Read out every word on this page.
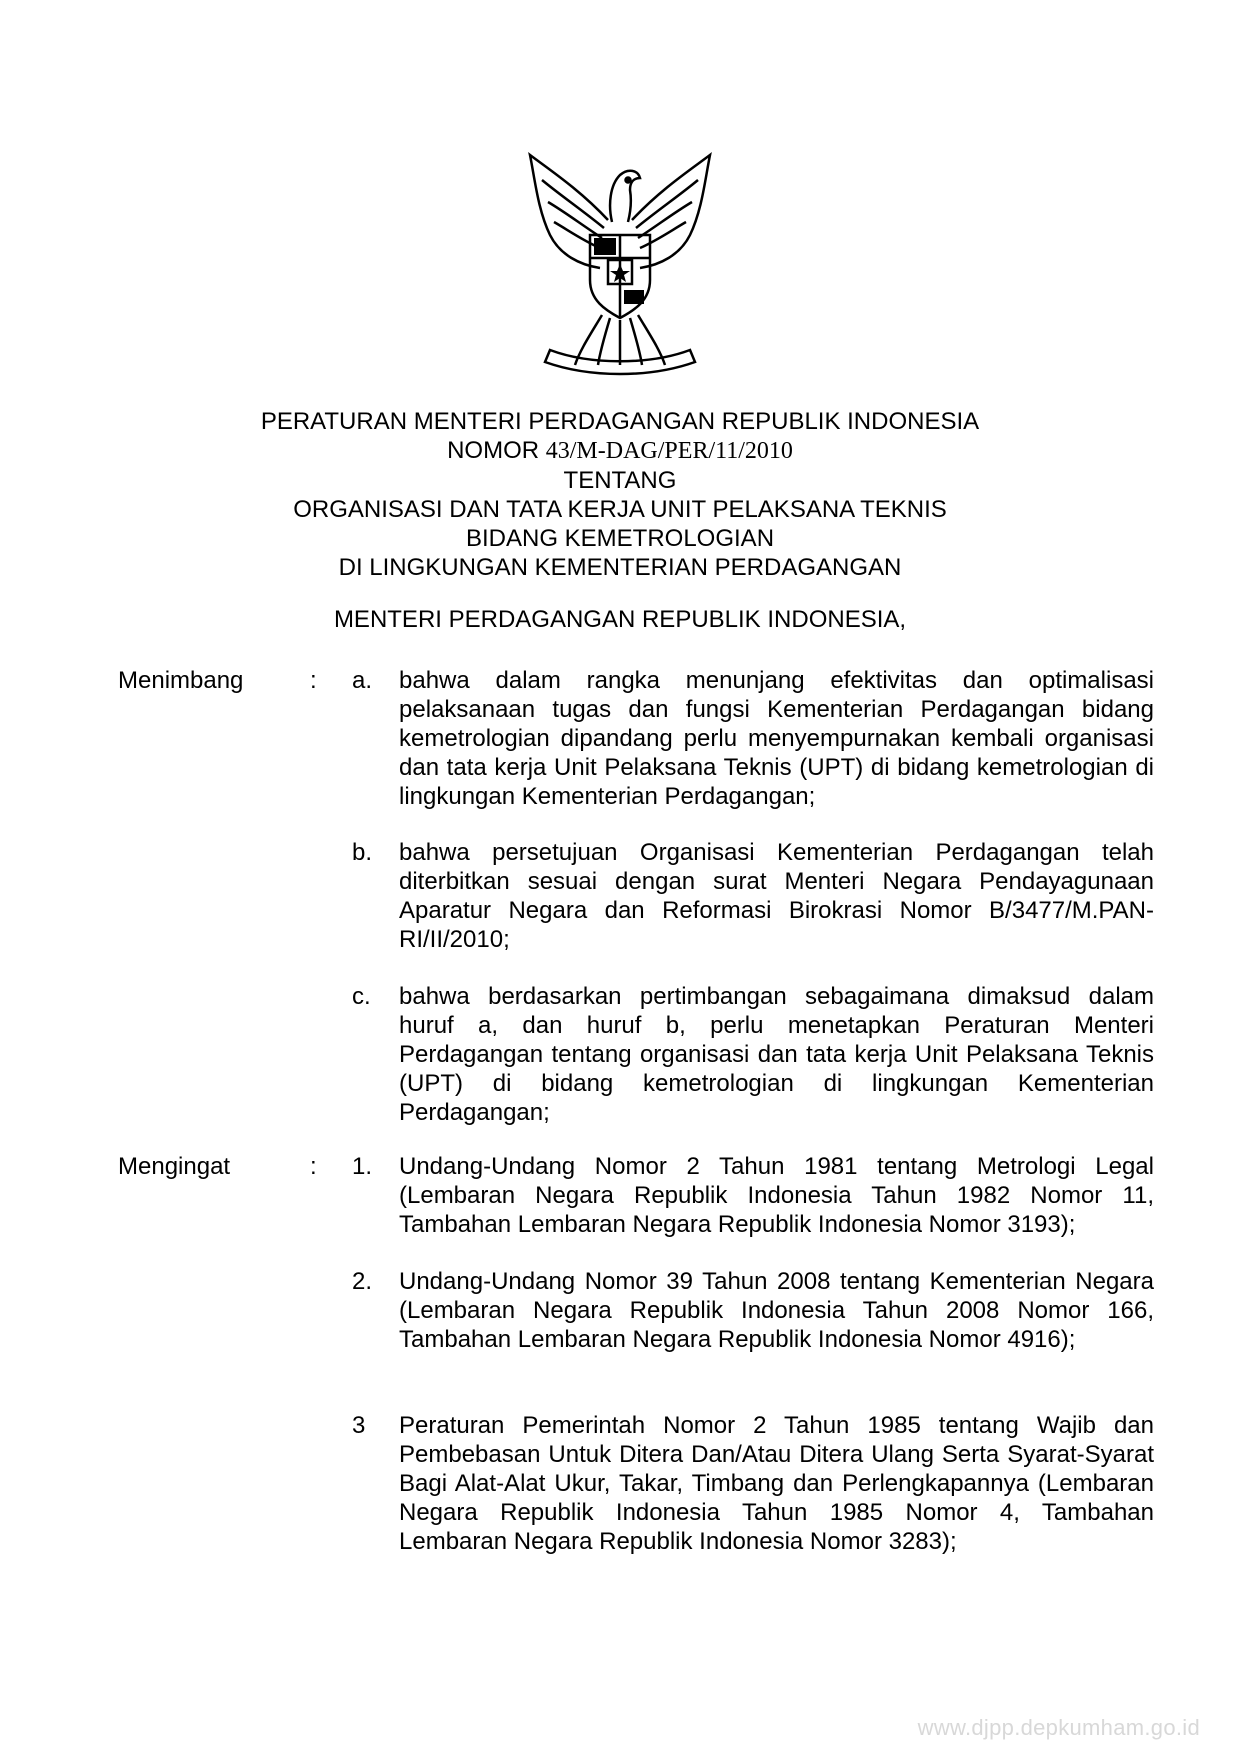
PERATURAN MENTERI PERDAGANGAN REPUBLIK INDONESIA
NOMOR 43/M-DAG/PER/11/2010
TENTANG
ORGANISASI DAN TATA KERJA UNIT PELAKSANA TEKNIS
BIDANG KEMETROLOGIAN
DI LINGKUNGAN KEMENTERIAN PERDAGANGAN
MENTERI PERDAGANGAN REPUBLIK INDONESIA,
Menimbang	: a. bahwa dalam rangka menunjang efektivitas dan optimalisasi pelaksanaan tugas dan fungsi Kementerian Perdagangan bidang kemetrologian dipandang perlu menyempurnakan kembali organisasi dan tata kerja Unit Pelaksana Teknis (UPT) di bidang kemetrologian di lingkungan Kementerian Perdagangan;
b. bahwa persetujuan Organisasi Kementerian Perdagangan telah diterbitkan sesuai dengan surat Menteri Negara Pendayagunaan Aparatur Negara dan Reformasi Birokrasi Nomor B/3477/M.PAN-RI/II/2010;
c. bahwa berdasarkan pertimbangan sebagaimana dimaksud dalam huruf a, dan huruf b, perlu menetapkan Peraturan Menteri Perdagangan tentang organisasi dan tata kerja Unit Pelaksana Teknis (UPT) di bidang kemetrologian di lingkungan Kementerian Perdagangan;
Mengingat	: 1. Undang-Undang Nomor 2 Tahun 1981 tentang Metrologi Legal (Lembaran Negara Republik Indonesia Tahun 1982 Nomor 11, Tambahan Lembaran Negara Republik Indonesia Nomor 3193);
2. Undang-Undang Nomor 39 Tahun 2008 tentang Kementerian Negara (Lembaran Negara Republik Indonesia Tahun 2008 Nomor 166, Tambahan Lembaran Negara Republik Indonesia Nomor 4916);
3 Peraturan Pemerintah Nomor 2 Tahun 1985 tentang Wajib dan Pembebasan Untuk Ditera Dan/Atau Ditera Ulang Serta Syarat-Syarat Bagi Alat-Alat Ukur, Takar, Timbang dan Perlengkapannya (Lembaran Negara Republik Indonesia Tahun 1985 Nomor 4, Tambahan Lembaran Negara Republik Indonesia Nomor 3283);
www.djpp.depkumham.go.id
